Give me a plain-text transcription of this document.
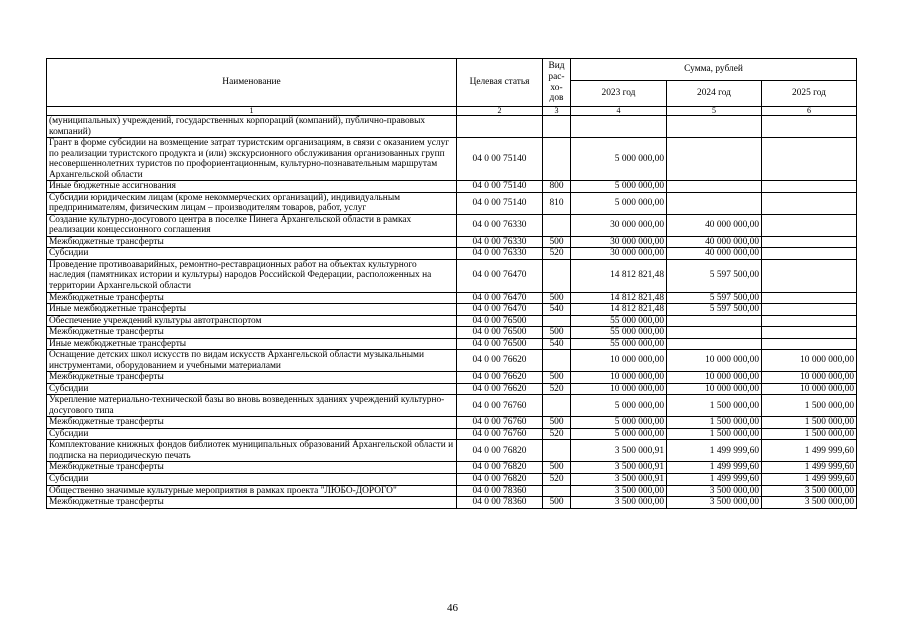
Наименование	Целевая статья	Вид рас-хо-дов	Сумма, рублей		
			2023 год	2024 год	2025 год
1	2	3	4	5	6
(муниципальных) учреждений, государственных корпораций (компаний), публично-правовых компаний)					
Грант в форме субсидии на возмещение затрат туристским организациям, в связи с оказанием услуг по реализации туристского продукта и (или) экскурсионного обслуживания организованных групп несовершеннолетних туристов по профориентационным, культурно-познавательным маршрутам Архангельской области	04 0 00 75140		5 000 000,00		
Иные бюджетные ассигнования	04 0 00 75140	800	5 000 000,00		
Субсидии юридическим лицам (кроме некоммерческих организаций), индивидуальным предпринимателям, физическим лицам – производителям товаров, работ, услуг	04 0 00 75140	810	5 000 000,00		
Создание культурно-досугового центра в поселке Пинега Архангельской области в рамках реализации концессионного соглашения	04 0 00 76330		30 000 000,00	40 000 000,00	
Межбюджетные трансферты	04 0 00 76330	500	30 000 000,00	40 000 000,00	
Субсидии	04 0 00 76330	520	30 000 000,00	40 000 000,00	
Проведение противоаварийных, ремонтно-реставрационных работ на объектах культурного наследия (памятниках истории и культуры) народов Российской Федерации, расположенных на территории Архангельской области	04 0 00 76470		14 812 821,48	5 597 500,00	
Межбюджетные трансферты	04 0 00 76470	500	14 812 821,48	5 597 500,00	
Иные межбюджетные трансферты	04 0 00 76470	540	14 812 821,48	5 597 500,00	
Обеспечение учреждений культуры автотранспортом	04 0 00 76500		55 000 000,00		
Межбюджетные трансферты	04 0 00 76500	500	55 000 000,00		
Иные межбюджетные трансферты	04 0 00 76500	540	55 000 000,00		
Оснащение детских школ искусств по видам искусств Архангельской области музыкальными инструментами, оборудованием и учебными материалами	04 0 00 76620		10 000 000,00	10 000 000,00	10 000 000,00
Межбюджетные трансферты	04 0 00 76620	500	10 000 000,00	10 000 000,00	10 000 000,00
Субсидии	04 0 00 76620	520	10 000 000,00	10 000 000,00	10 000 000,00
Укрепление материально-технической базы во вновь возведенных зданиях учреждений культурно-досугового типа	04 0 00 76760		5 000 000,00	1 500 000,00	1 500 000,00
Межбюджетные трансферты	04 0 00 76760	500	5 000 000,00	1 500 000,00	1 500 000,00
Субсидии	04 0 00 76760	520	5 000 000,00	1 500 000,00	1 500 000,00
Комплектование книжных фондов библиотек муниципальных образований Архангельской области и подписка на периодическую печать	04 0 00 76820		3 500 000,91	1 499 999,60	1 499 999,60
Межбюджетные трансферты	04 0 00 76820	500	3 500 000,91	1 499 999,60	1 499 999,60
Субсидии	04 0 00 76820	520	3 500 000,91	1 499 999,60	1 499 999,60
Общественно значимые культурные мероприятия в рамках проекта "ЛЮБО-ДОРОГО"	04 0 00 78360		3 500 000,00	3 500 000,00	3 500 000,00
Межбюджетные трансферты	04 0 00 78360	500	3 500 000,00	3 500 000,00	3 500 000,00
46
